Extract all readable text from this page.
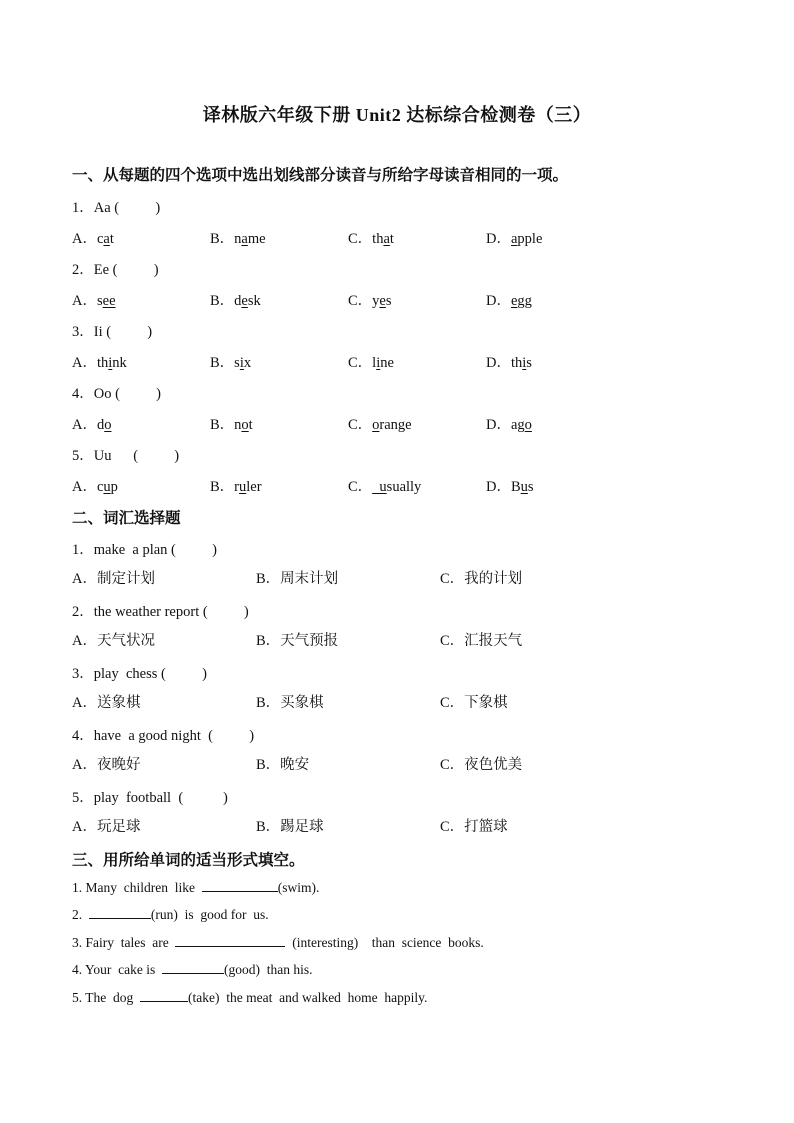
译林版六年级下册 Unit2 达标综合检测卷（三）
一、从每题的四个选项中选出划线部分读音与所给字母读音相同的一项。
1．Aa (          )
A．cat	B．name	C．that	D．apple
2．Ee (          )
A．see	B．desk	C．yes	D．egg
3．Ii (          )
A．think	B．six	C．line	D．this
4．Oo (          )
A．do	B．not	C．orange	D．ago
5．Uu      (          )
A．cup	B．ruler	C．  usually	D．Bus
二、词汇选择题
1．make  a plan (          )
A．制定计划	B．周末计划	C．我的计划
2．the weather report (          )
A．天气状况	B．天气预报	C．汇报天气
3．play  chess (          )
A．送象棋	B．买象棋	C．下象棋
4．have  a good night  (          )
A．夜晚好	B．晚安	C．夜色优美
5．play  football  (           )
A．玩足球	B．踢足球	C．打篮球
三、用所给单词的适当形式填空。
1. Many  children  like	(swim).
2.	(run)  is  good for  us.
3. Fairy  tales  are	(interesting)    than  science  books.
4. Your  cake is	(good)  than his.
5. The  dog	(take)  the meat  and walked  home  happily.
